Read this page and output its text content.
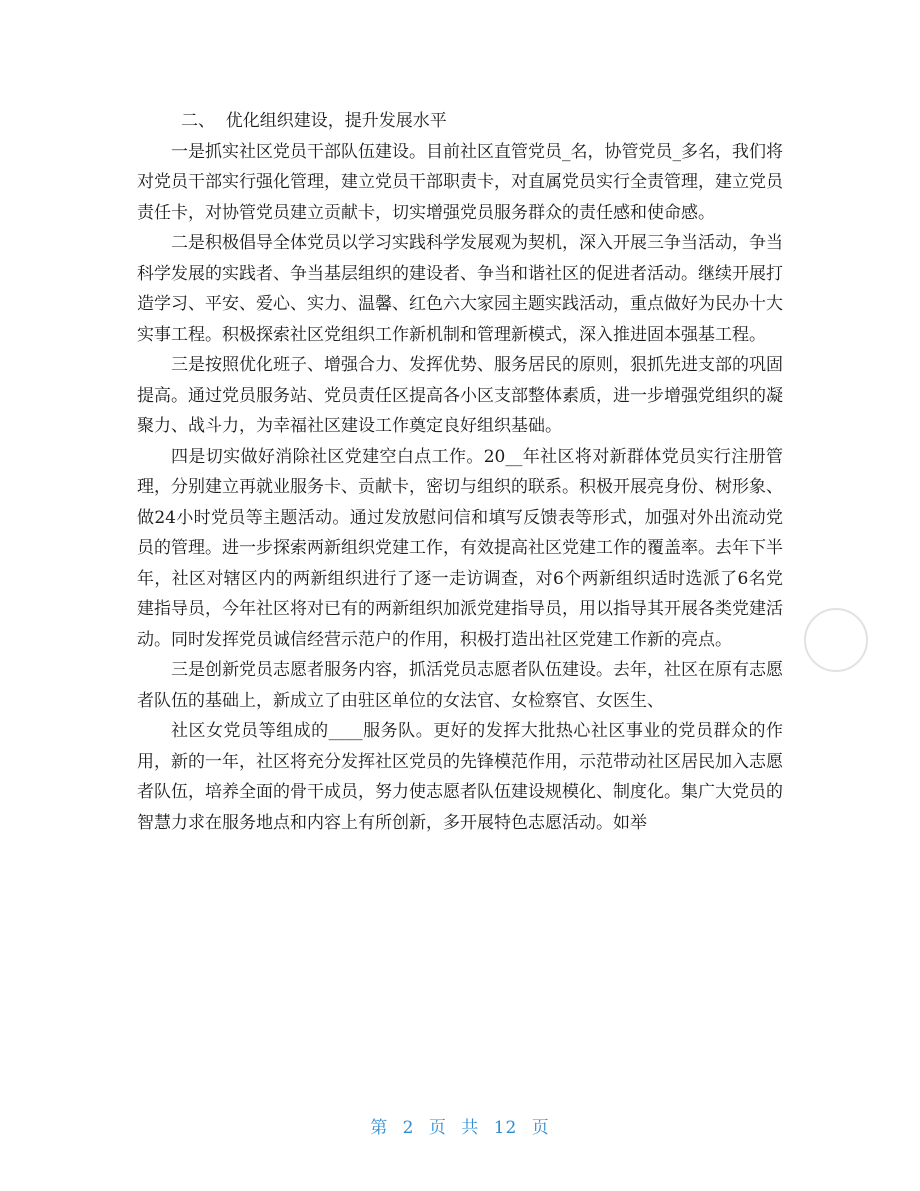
二、  优化组织建设，提升发展水平

一是抓实社区党员干部队伍建设。目前社区直管党员_名，协管党员_多名，我们将对党员干部实行强化管理，建立党员干部职责卡，对直属党员实行全责管理，建立党员责任卡，对协管党员建立贡献卡，切实增强党员服务群众的责任感和使命感。

二是积极倡导全体党员以学习实践科学发展观为契机，深入开展三争当活动，争当科学发展的实践者、争当基层组织的建设者、争当和谐社区的促进者活动。继续开展打造学习、平安、爱心、实力、温馨、红色六大家园主题实践活动，重点做好为民办十大实事工程。积极探索社区党组织工作新机制和管理新模式，深入推进固本强基工程。

三是按照优化班子、增强合力、发挥优势、服务居民的原则，狠抓先进支部的巩固提高。通过党员服务站、党员责任区提高各小区支部整体素质，进一步增强党组织的凝聚力、战斗力，为幸福社区建设工作奠定良好组织基础。

四是切实做好消除社区党建空白点工作。20__年社区将对新群体党员实行注册管理，分别建立再就业服务卡、贡献卡，密切与组织的联系。积极开展亮身份、树形象、做24小时党员等主题活动。通过发放慰问信和填写反馈表等形式，加强对外出流动党员的管理。进一步探索两新组织党建工作，有效提高社区党建工作的覆盖率。去年下半年，社区对辖区内的两新组织进行了逐一走访调查，对6个两新组织适时选派了6名党建指导员，今年社区将对已有的两新组织加派党建指导员，用以指导其开展各类党建活动。同时发挥党员诚信经营示范户的作用，积极打造出社区党建工作新的亮点。

三是创新党员志愿者服务内容，抓活党员志愿者队伍建设。去年，社区在原有志愿者队伍的基础上，新成立了由驻区单位的女法官、女检察官、女医生、

社区女党员等组成的____服务队。更好的发挥大批热心社区事业的党员群众的作用，新的一年，社区将充分发挥社区党员的先锋模范作用，示范带动社区居民加入志愿者队伍，培养全面的骨干成员，努力使志愿者队伍建设规模化、制度化。集广大党员的智慧力求在服务地点和内容上有所创新，多开展特色志愿活动。如举

第 2 页 共 12 页
